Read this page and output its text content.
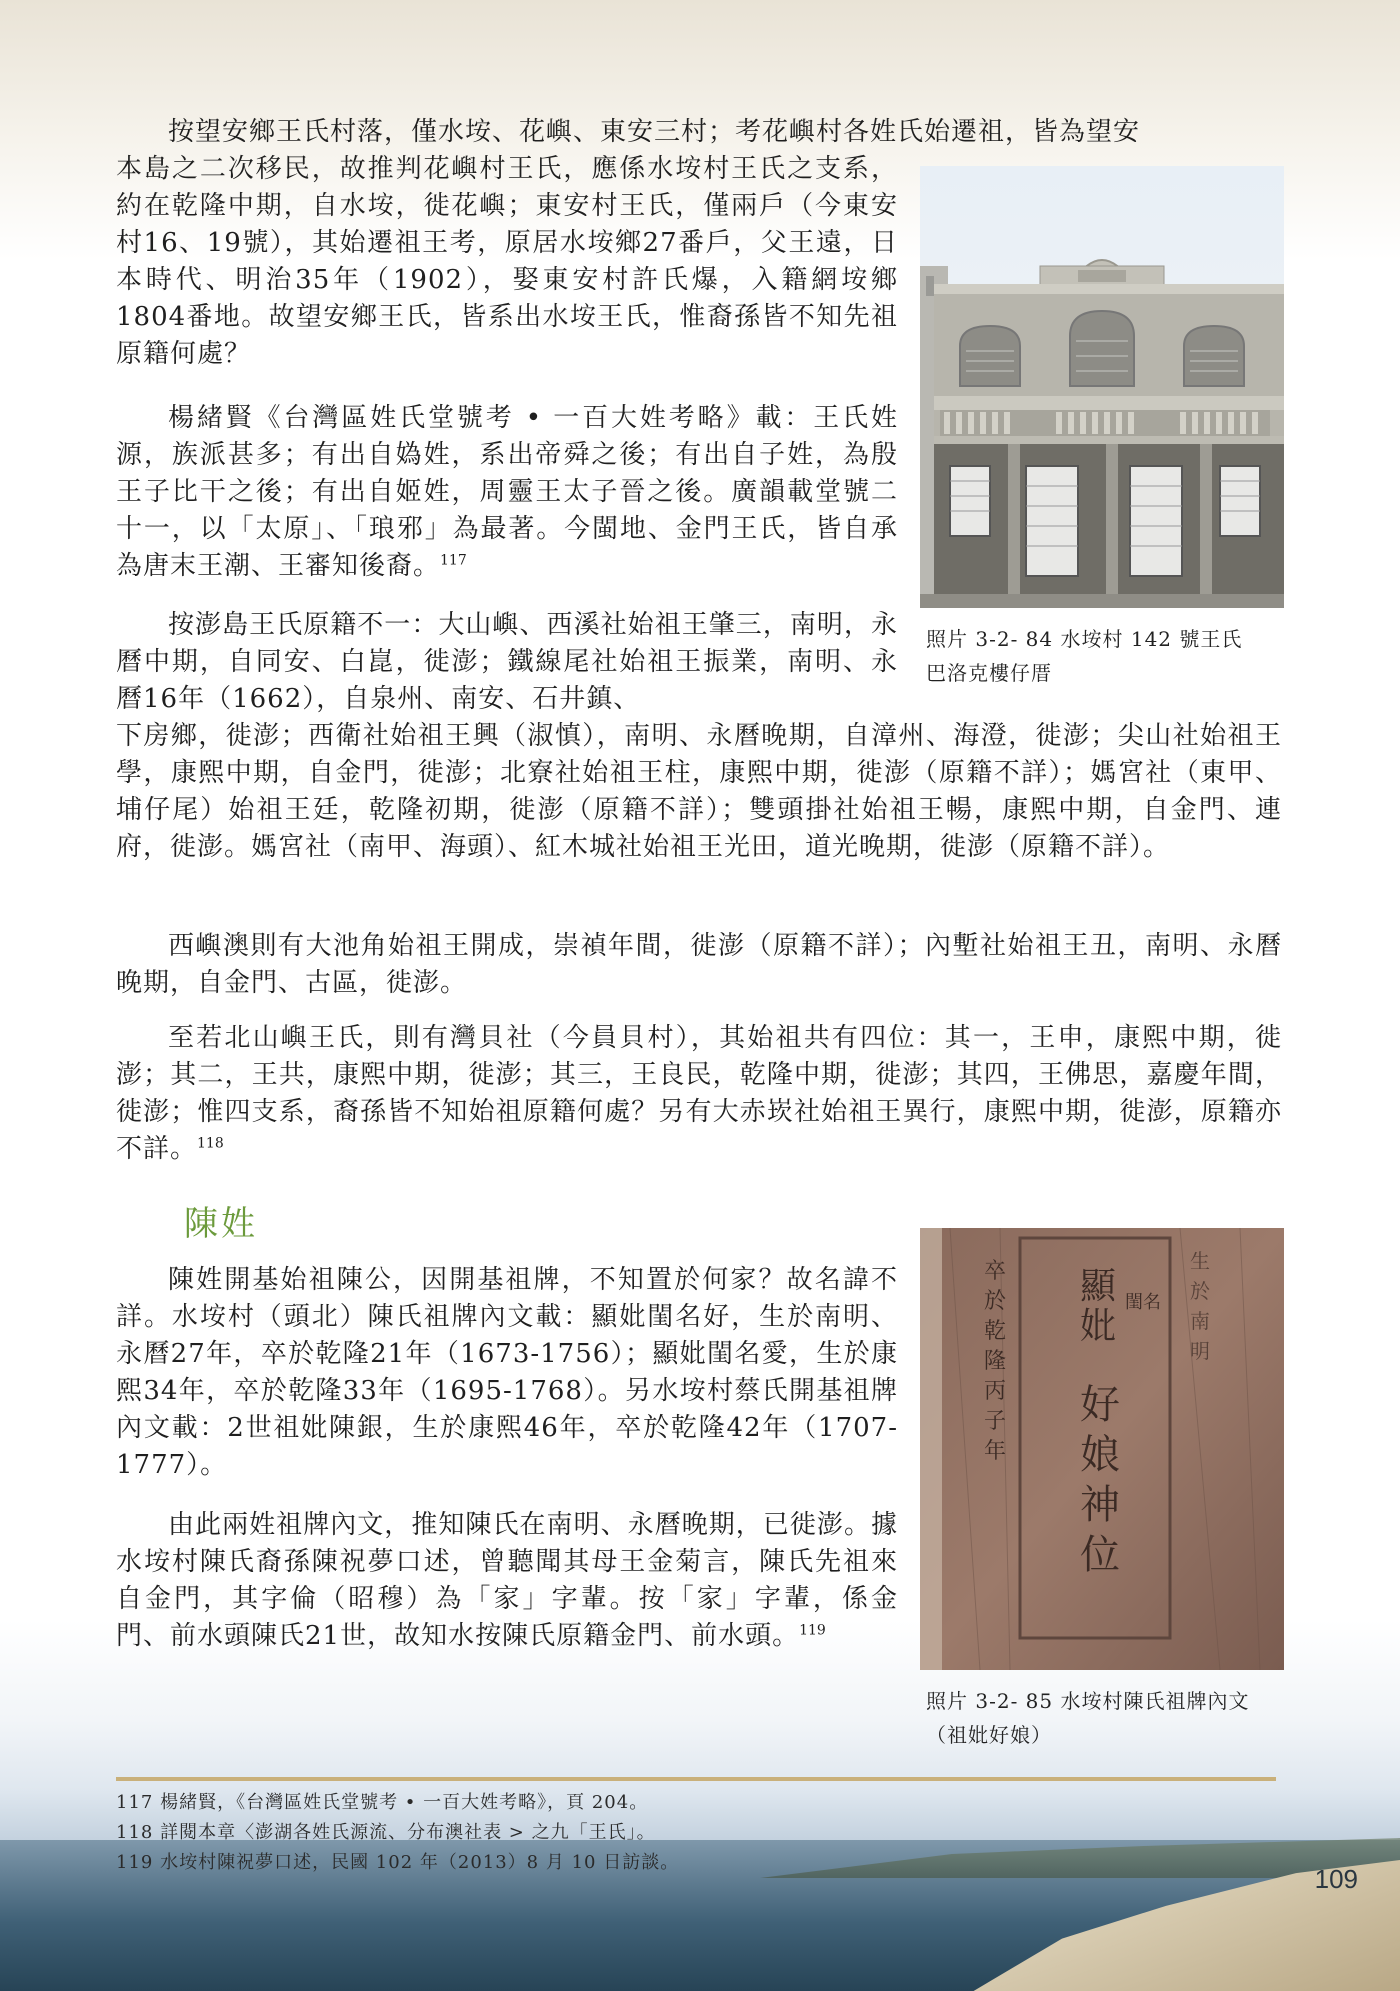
按望安鄉王氏村落，僅水垵、花嶼、東安三村；考花嶼村各姓氏始遷祖，皆為望安

本島之二次移民，故推判花嶼村王氏，應係水垵村王氏之支系，約在乾隆中期，自水垵，徙花嶼；東安村王氏，僅兩戶（今東安村16、19號），其始遷祖王考，原居水垵鄉27番戶，父王遠，日本時代、明治35年（1902），娶東安村許氏爆，入籍網垵鄉1804番地。故望安鄉王氏，皆系出水垵王氏，惟裔孫皆不知先祖原籍何處？

楊緒賢《台灣區姓氏堂號考 • 一百大姓考略》載：王氏姓源，族派甚多；有出自媯姓，系出帝舜之後；有出自子姓，為殷王子比干之後；有出自姬姓，周靈王太子晉之後。廣韻載堂號二十一，以「太原」、「琅邪」為最著。今閩地、金門王氏，皆自承為唐末王潮、王審知後裔。$^{117}$

按澎島王氏原籍不一：大山嶼、西溪社始祖王肇三，南明，永曆中期，自同安、白崑，徙澎；鐵線尾社始祖王振業，南明、永曆16年（1662），自泉州、南安、石井鎮、

下房鄉，徙澎；西衛社始祖王興（淑慎），南明、永曆晚期，自漳州、海澄，徙澎；尖山社始祖王學，康熙中期，自金門，徙澎；北寮社始祖王柱，康熙中期，徙澎（原籍不詳）；媽宮社（東甲、埔仔尾）始祖王廷，乾隆初期，徙澎（原籍不詳）；雙頭掛社始祖王暢，康熙中期，自金門、連府，徙澎。媽宮社（南甲、海頭）、紅木城社始祖王光田，道光晚期，徙澎（原籍不詳）。

西嶼澳則有大池角始祖王開成，崇禎年間，徙澎（原籍不詳）；內塹社始祖王丑，南明、永曆晚期，自金門、古區，徙澎。

至若北山嶼王氏，則有灣貝社（今員貝村），其始祖共有四位：其一，王申，康熙中期，徙澎；其二，王共，康熙中期，徙澎；其三，王良民，乾隆中期，徙澎；其四，王佛思，嘉慶年間，徙澎；惟四支系，裔孫皆不知始祖原籍何處？另有大赤崁社始祖王異行，康熙中期，徙澎，原籍亦不詳。$^{118}$

陳姓

陳姓開基始祖陳公，因開基祖牌，不知置於何家？故名諱不詳。水垵村（頭北）陳氏祖牌內文載：顯妣閨名好，生於南明、永曆27年，卒於乾隆21年（1673-1756）；顯妣閨名愛，生於康熙34年，卒於乾隆33年（1695-1768）。另水垵村蔡氏開基祖牌內文載：2世祖妣陳銀，生於康熙46年，卒於乾隆42年（1707-1777）。

由此兩姓祖牌內文，推知陳氏在南明、永曆晚期，已徙澎。據水垵村陳氏裔孫陳祝夢口述，曾聽聞其母王金菊言，陳氏先祖來自金門，其字倫（昭穆）為「家」字輩。按「家」字輩，係金門、前水頭陳氏21世，故知水按陳氏原籍金門、前水頭。$^{119}$

照片 3-2- 84 水垵村 142 號王氏
巴洛克樓仔厝
顯
妣
閨名
好
娘
神
位
卒
於
乾
隆
丙
子
年
生
於
南
明
照片 3-2- 85 水垵村陳氏祖牌內文
（祖妣好娘）
117 楊緒賢，《台灣區姓氏堂號考 • 一百大姓考略》，頁 204。
118 詳閱本章〈澎湖各姓氏源流、分布澳社表 > 之九「王氏」。
119 水垵村陳祝夢口述，民國 102 年（2013）8 月 10 日訪談。
109
